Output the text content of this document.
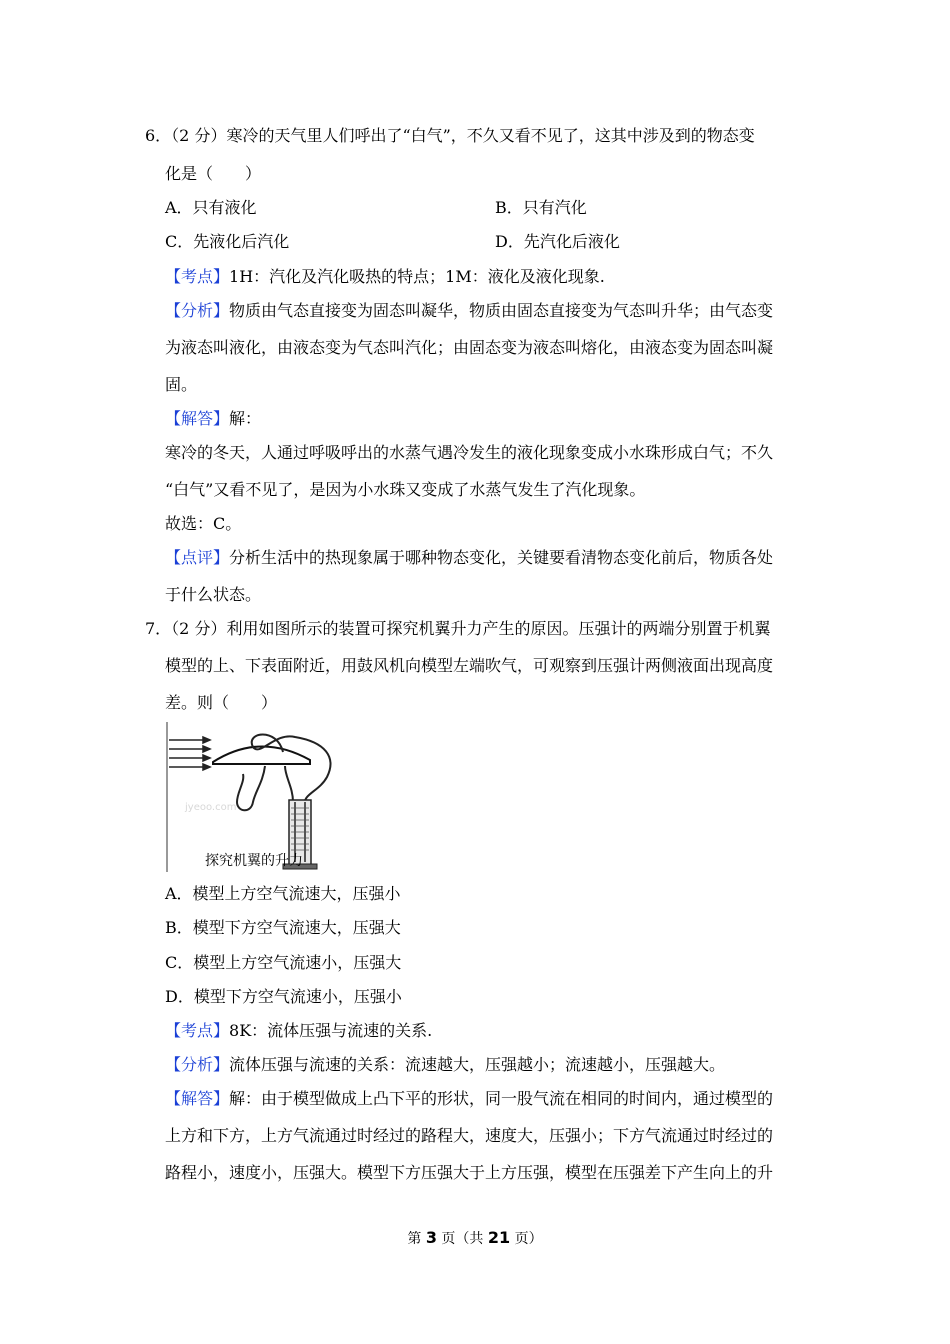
6．（2 分）寒冷的天气里人们呼出了“白气”，不久又看不见了，这其中涉及到的物态变
化是（　　）
A．只有液化	B．只有汽化
C．先液化后汽化	D．先汽化后液化
【考点】1H：汽化及汽化吸热的特点；1M：液化及液化现象.
【分析】物质由气态直接变为固态叫凝华，物质由固态直接变为气态叫升华；由气态变
为液态叫液化，由液态变为气态叫汽化；由固态变为液态叫熔化，由液态变为固态叫凝
固。
【解答】解：
寒冷的冬天，人通过呼吸呼出的水蒸气遇冷发生的液化现象变成小水珠形成白气；不久
“白气”又看不见了，是因为小水珠又变成了水蒸气发生了汽化现象。
故选：C。
【点评】分析生活中的热现象属于哪种物态变化，关键要看清物态变化前后，物质各处
于什么状态。
7．（2 分）利用如图所示的装置可探究机翼升力产生的原因。压强计的两端分别置于机翼
模型的上、下表面附近，用鼓风机向模型左端吹气，可观察到压强计两侧液面出现高度
差。则（　　）
jyeoo.com
探究机翼的升力
A．模型上方空气流速大，压强小
B．模型下方空气流速大，压强大
C．模型上方空气流速小，压强大
D．模型下方空气流速小，压强小
【考点】8K：流体压强与流速的关系.
【分析】流体压强与流速的关系：流速越大，压强越小；流速越小，压强越大。
【解答】解：由于模型做成上凸下平的形状，同一股气流在相同的时间内，通过模型的
上方和下方，上方气流通过时经过的路程大，速度大，压强小；下方气流通过时经过的
路程小，速度小，压强大。模型下方压强大于上方压强，模型在压强差下产生向上的升
第 3 页（共 21 页）
